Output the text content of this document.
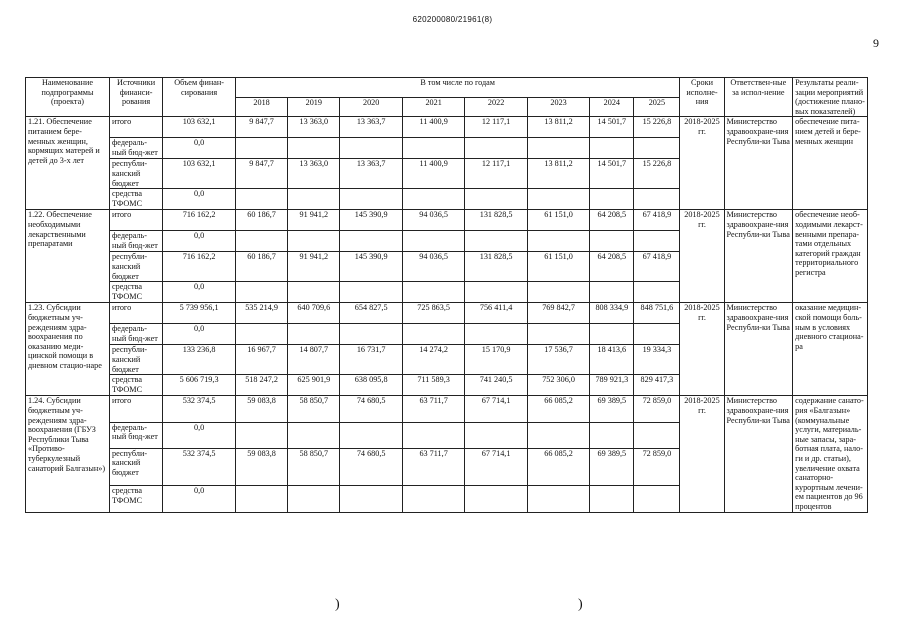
620200080/21961(8)
9
Наименование подпрограммы (проекта)	Источники финанси-рования	Объем финан-сирования	В том числе по годам								Сроки исполне-ния	Ответствен-ные за испол-нение	Результаты реали-зации мероприятий (достижение плано-вых показателей)
			2018	2019	2020	2021	2022	2023	2024	2025			
1.21. Обеспечение питанием бере-менных женщин, кормящих матерей и детей до 3-х лет	итого	103 632,1	9 847,7	13 363,0	13 363,7	11 400,9	12 117,1	13 811,2	14 501,7	15 226,8	2018-2025 гг.	Министерство здравоохране-ния Республи-ки Тыва	обеспечение пита-нием детей и бере-менных женщин
	федераль-ный бюд-жет	0,0											
	республи-канский бюджет	103 632,1	9 847,7	13 363,0	13 363,7	11 400,9	12 117,1	13 811,2	14 501,7	15 226,8			
	средства ТФОМС	0,0											
1.22. Обеспечение необходимыми лекарственными препаратами	итого	716 162,2	60 186,7	91 941,2	145 390,9	94 036,5	131 828,5	61 151,0	64 208,5	67 418,9	2018-2025 гг.	Министерство здравоохране-ния Республи-ки Тыва	обеспечение необ-ходимыми лекарст-венными препара-тами отдельных категорий граждан территориального регистра
	федераль-ный бюд-жет	0,0											
	республи-канский бюджет	716 162,2	60 186,7	91 941,2	145 390,9	94 036,5	131 828,5	61 151,0	64 208,5	67 418,9			
	средства ТФОМС	0,0											
1.23. Субсидии бюджетным уч-реждениям здра-воохранения по оказанию меди-цинской помощи в дневном стацио-наре	итого	5 739 956,1	535 214,9	640 709,6	654 827,5	725 863,5	756 411,4	769 842,7	808 334,9	848 751,6	2018-2025 гг.	Министерство здравоохране-ния Республи-ки Тыва	оказание медицин-ской помощи боль-ным в условиях дневного стациона-ра
	федераль-ный бюд-жет	0,0											
	республи-канский бюджет	133 236,8	16 967,7	14 807,7	16 731,7	14 274,2	15 170,9	17 536,7	18 413,6	19 334,3			
	средства ТФОМС	5 606 719,3	518 247,2	625 901,9	638 095,8	711 589,3	741 240,5	752 306,0	789 921,3	829 417,3			
1.24. Субсидии бюджетным уч-реждениям здра-воохранения (ГБУЗ Республики Тыва «Противо-туберкулезный санаторий Балгазын»)	итого	532 374,5	59 083,8	58 850,7	74 680,5	63 711,7	67 714,1	66 085,2	69 389,5	72 859,0	2018-2025 гг.	Министерство здравоохране-ния Республи-ки Тыва	содержание санато-рия «Балгазын» (коммунальные услуги, материаль-ные запасы, зара-ботная плата, нало-ги и др. статьи), увеличение охвата санаторно-курортным лечени-ем пациентов до 96 процентов
	федераль-ный бюд-жет	0,0											
	республи-канский бюджет	532 374,5	59 083,8	58 850,7	74 680,5	63 711,7	67 714,1	66 085,2	69 389,5	72 859,0			
	средства ТФОМС	0,0											
)	)
